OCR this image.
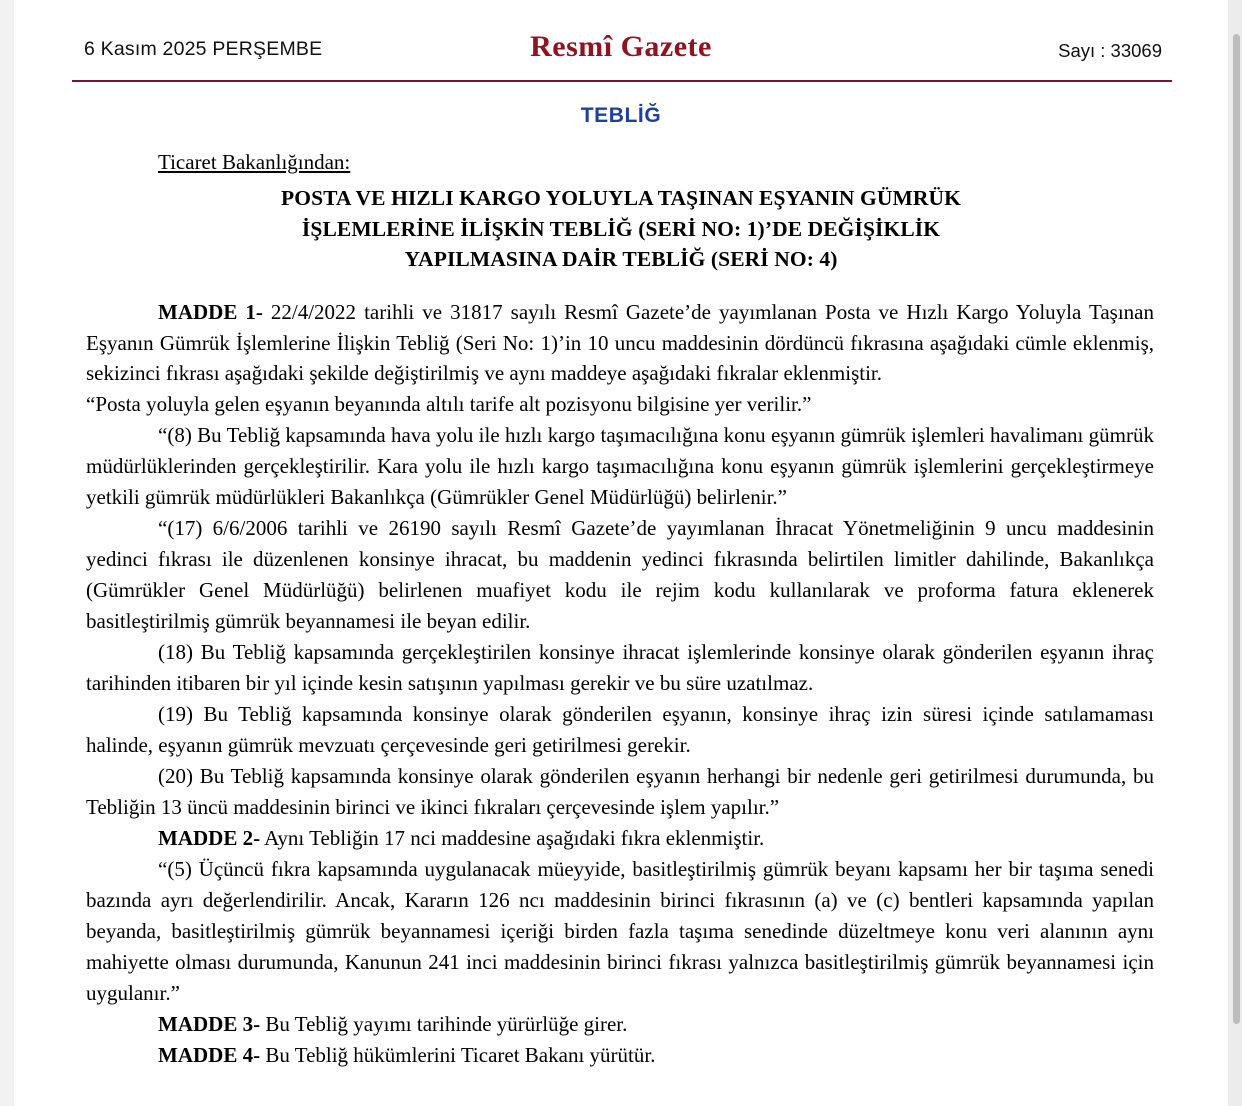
6 Kasım 2025 PERŞEMBE	Resmî Gazete	Sayı : 33069
TEBLİĞ
Ticaret Bakanlığından:
POSTA VE HIZLI KARGO YOLUYLA TAŞINAN EŞYANIN GÜMRÜK
İŞLEMLERİNE İLİŞKİN TEBLİĞ (SERİ NO: 1)’DE DEĞİŞİKLİK
YAPILMASINA DAİR TEBLİĞ (SERİ NO: 4)

MADDE 1- 22/4/2022 tarihli ve 31817 sayılı Resmî Gazete’de yayımlanan Posta ve Hızlı Kargo Yoluyla Taşınan Eşyanın Gümrük İşlemlerine İlişkin Tebliğ (Seri No: 1)’in 10 uncu maddesinin dördüncü fıkrasına aşağıdaki cümle eklenmiş, sekizinci fıkrası aşağıdaki şekilde değiştirilmiş ve aynı maddeye aşağıdaki fıkralar eklenmiştir.

“Posta yoluyla gelen eşyanın beyanında altılı tarife alt pozisyonu bilgisine yer verilir.”

“(8) Bu Tebliğ kapsamında hava yolu ile hızlı kargo taşımacılığına konu eşyanın gümrük işlemleri havalimanı gümrük müdürlüklerinden gerçekleştirilir. Kara yolu ile hızlı kargo taşımacılığına konu eşyanın gümrük işlemlerini gerçekleştirmeye yetkili gümrük müdürlükleri Bakanlıkça (Gümrükler Genel Müdürlüğü) belirlenir.”

“(17) 6/6/2006 tarihli ve 26190 sayılı Resmî Gazete’de yayımlanan İhracat Yönetmeliğinin 9 uncu maddesinin yedinci fıkrası ile düzenlenen konsinye ihracat, bu maddenin yedinci fıkrasında belirtilen limitler dahilinde, Bakanlıkça (Gümrükler Genel Müdürlüğü) belirlenen muafiyet kodu ile rejim kodu kullanılarak ve proforma fatura eklenerek basitleştirilmiş gümrük beyannamesi ile beyan edilir.

(18) Bu Tebliğ kapsamında gerçekleştirilen konsinye ihracat işlemlerinde konsinye olarak gönderilen eşyanın ihraç tarihinden itibaren bir yıl içinde kesin satışının yapılması gerekir ve bu süre uzatılmaz.

(19) Bu Tebliğ kapsamında konsinye olarak gönderilen eşyanın, konsinye ihraç izin süresi içinde satılamaması halinde, eşyanın gümrük mevzuatı çerçevesinde geri getirilmesi gerekir.

(20) Bu Tebliğ kapsamında konsinye olarak gönderilen eşyanın herhangi bir nedenle geri getirilmesi durumunda, bu Tebliğin 13 üncü maddesinin birinci ve ikinci fıkraları çerçevesinde işlem yapılır.”

MADDE 2- Aynı Tebliğin 17 nci maddesine aşağıdaki fıkra eklenmiştir.

“(5) Üçüncü fıkra kapsamında uygulanacak müeyyide, basitleştirilmiş gümrük beyanı kapsamı her bir taşıma senedi bazında ayrı değerlendirilir. Ancak, Kararın 126 ncı maddesinin birinci fıkrasının (a) ve (c) bentleri kapsamında yapılan beyanda, basitleştirilmiş gümrük beyannamesi içeriği birden fazla taşıma senedinde düzeltmeye konu veri alanının aynı mahiyette olması durumunda, Kanunun 241 inci maddesinin birinci fıkrası yalnızca basitleştirilmiş gümrük beyannamesi için uygulanır.”

MADDE 3- Bu Tebliğ yayımı tarihinde yürürlüğe girer.

MADDE 4- Bu Tebliğ hükümlerini Ticaret Bakanı yürütür.
